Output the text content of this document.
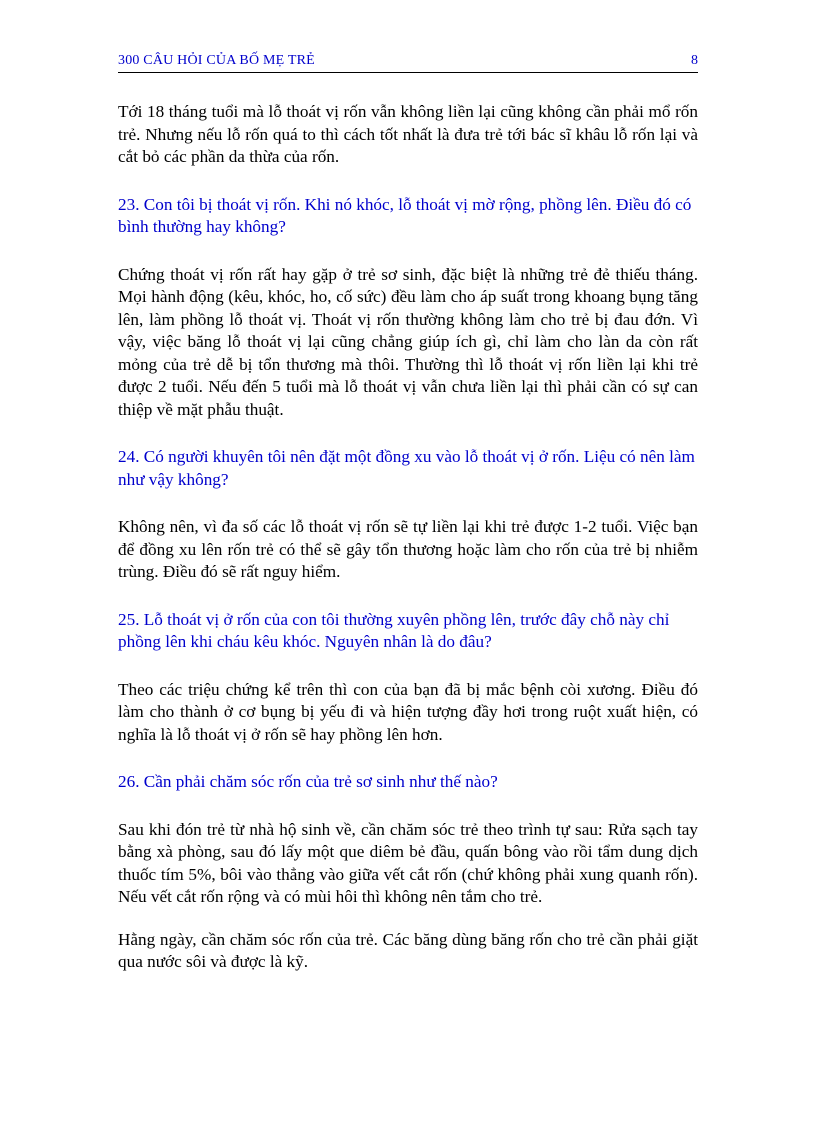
300 CÂU HỎI CỦA BỐ MẸ TRẺ	8

Tới 18 tháng tuổi mà lỗ thoát vị rốn vẫn không liền lại cũng không cần phải mổ rốn trẻ. Nhưng nếu lỗ rốn quá to thì cách tốt nhất là đưa trẻ tới bác sĩ khâu lỗ rốn lại và cắt bỏ các phần da thừa của rốn.

23. Con tôi bị thoát vị rốn. Khi nó khóc, lỗ thoát vị mờ rộng, phồng lên. Điều đó có bình thường hay không?

Chứng thoát vị rốn rất hay gặp ở trẻ sơ sinh, đặc biệt là những trẻ đẻ thiếu tháng. Mọi hành động (kêu, khóc, ho, cố sức) đều làm cho áp suất trong khoang bụng tăng lên, làm phồng lỗ thoát vị. Thoát vị rốn thường không làm cho trẻ bị đau đớn. Vì vậy, việc băng lỗ thoát vị lại cũng chẳng giúp ích gì, chỉ làm cho làn da còn rất mỏng của trẻ dễ bị tổn thương mà thôi. Thường thì lỗ thoát vị rốn liền lại khi trẻ được 2 tuổi. Nếu đến 5 tuổi mà lỗ thoát vị vẫn chưa liền lại thì phải cần có sự can thiệp về mặt phẫu thuật.

24. Có người khuyên tôi nên đặt một đồng xu vào lỗ thoát vị ở rốn. Liệu có nên làm như vậy không?

Không nên, vì đa số các lỗ thoát vị rốn sẽ tự liền lại khi trẻ được 1-2 tuổi. Việc bạn để đồng xu lên rốn trẻ có thể sẽ gây tổn thương hoặc làm cho rốn của trẻ bị nhiễm trùng. Điều đó sẽ rất nguy hiểm.

25. Lỗ thoát vị ở rốn của con tôi thường xuyên phồng lên, trước đây chỗ này chỉ phồng lên khi cháu kêu khóc. Nguyên nhân là do đâu?

Theo các triệu chứng kể trên thì con của bạn đã bị mắc bệnh còi xương. Điều đó làm cho thành ở cơ bụng bị yếu đi và hiện tượng đầy hơi trong ruột xuất hiện, có nghĩa là lỗ thoát vị ở rốn sẽ hay phồng lên hơn.

26. Cần phải chăm sóc rốn của trẻ sơ sinh như thế nào?

Sau khi đón trẻ từ nhà hộ sinh về, cần chăm sóc trẻ theo trình tự sau: Rửa sạch tay bằng xà phòng, sau đó lấy một que diêm bẻ đầu, quấn bông vào rồi tẩm dung dịch thuốc tím 5%, bôi vào thẳng vào giữa vết cắt rốn (chứ không phải xung quanh rốn). Nếu vết cắt rốn rộng và có mùi hôi thì không nên tắm cho trẻ.

Hằng ngày, cần chăm sóc rốn của trẻ. Các băng dùng băng rốn cho trẻ cần phải giặt qua nước sôi và được là kỹ.
